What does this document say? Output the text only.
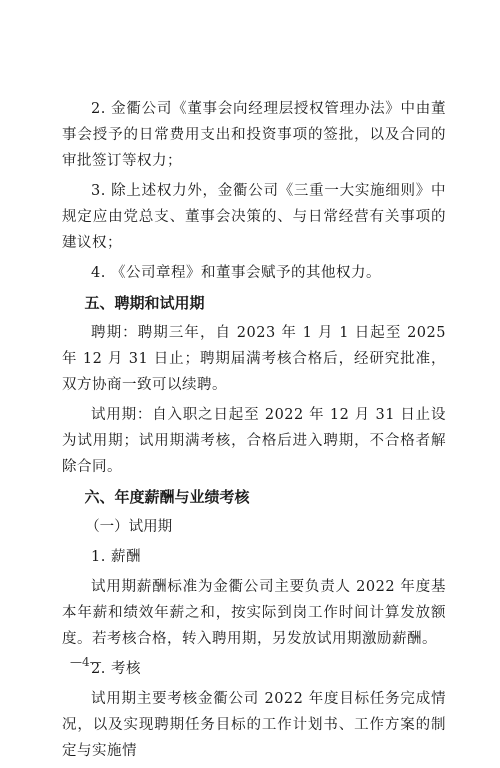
2. 金衢公司《董事会向经理层授权管理办法》中由董事会授予的日常费用支出和投资事项的签批，以及合同的审批签订等权力；

3. 除上述权力外，金衢公司《三重一大实施细则》中规定应由党总支、董事会决策的、与日常经营有关事项的建议权；

4. 《公司章程》和董事会赋予的其他权力。

五、聘期和试用期

聘期：聘期三年，自 2023 年 1 月 1 日起至 2025 年 12 月 31 日止；聘期届满考核合格后，经研究批准，双方协商一致可以续聘。

试用期：自入职之日起至 2022 年 12 月 31 日止设为试用期；试用期满考核，合格后进入聘期，不合格者解除合同。

六、年度薪酬与业绩考核

（一）试用期

1. 薪酬

试用期薪酬标准为金衢公司主要负责人 2022 年度基本年薪和绩效年薪之和，按实际到岗工作时间计算发放额度。若考核合格，转入聘用期，另发放试用期激励薪酬。

2. 考核

试用期主要考核金衢公司 2022 年度目标任务完成情况，以及实现聘期任务目标的工作计划书、工作方案的制定与实施情

—4—
